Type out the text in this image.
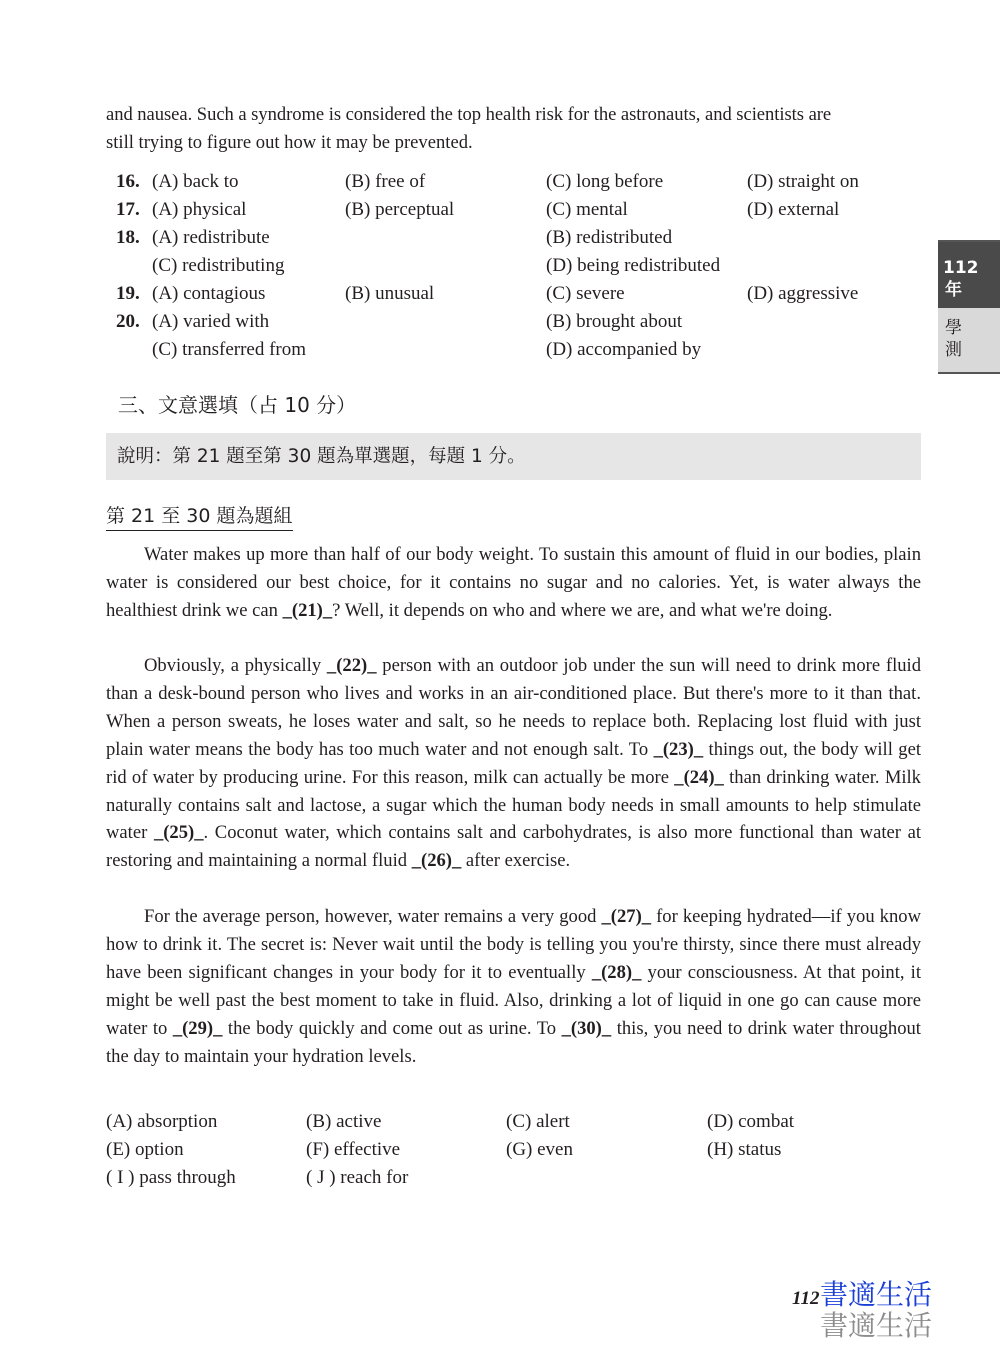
and nausea. Such a syndrome is considered the top health risk for the astronauts, and scientists are
still trying to figure out how it may be prevented.
16. (A) back to	(B) free of	(C) long before	(D) straight on
17. (A) physical	(B) perceptual	(C) mental	(D) external
18. (A) redistribute	(B) redistributed
(C) redistributing	(D) being redistributed
19. (A) contagious	(B) unusual	(C) severe	(D) aggressive
20. (A) varied with	(B) brought about
(C) transferred from	(D) accompanied by
三、文意選填（占 10 分）
說明：第 21 題至第 30 題為單選題，每題 1 分。
第 21 至 30 題為題組

Water makes up more than half of our body weight. To sustain this amount of fluid in our bodies, plain water is considered our best choice, for it contains no sugar and no calories. Yet, is water always the healthiest drink we can _(21)_? Well, it depends on who and where we are, and what we're doing.

Obviously, a physically _(22)_ person with an outdoor job under the sun will need to drink more fluid than a desk-bound person who lives and works in an air-conditioned place. But there's more to it than that. When a person sweats, he loses water and salt, so he needs to replace both. Replacing lost fluid with just plain water means the body has too much water and not enough salt. To _(23)_ things out, the body will get rid of water by producing urine. For this reason, milk can actually be more _(24)_ than drinking water. Milk naturally contains salt and lactose, a sugar which the human body needs in small amounts to help stimulate water _(25)_. Coconut water, which contains salt and carbohydrates, is also more functional than water at restoring and maintaining a normal fluid _(26)_ after exercise.

For the average person, however, water remains a very good _(27)_ for keeping hydrated—if you know how to drink it. The secret is: Never wait until the body is telling you you're thirsty, since there must already have been significant changes in your body for it to eventually _(28)_ your consciousness. At that point, it might be well past the best moment to take in fluid. Also, drinking a lot of liquid in one go can cause more water to _(29)_ the body quickly and come out as urine. To _(30)_ this, you need to drink water throughout the day to maintain your hydration levels.

(A) absorption	(B) active	(C) alert	(D) combat
(E) option	(F) effective	(G) even	(H) status
( I ) pass through	( J ) reach for
112
年
學
測
112 書適生活
書適生活
